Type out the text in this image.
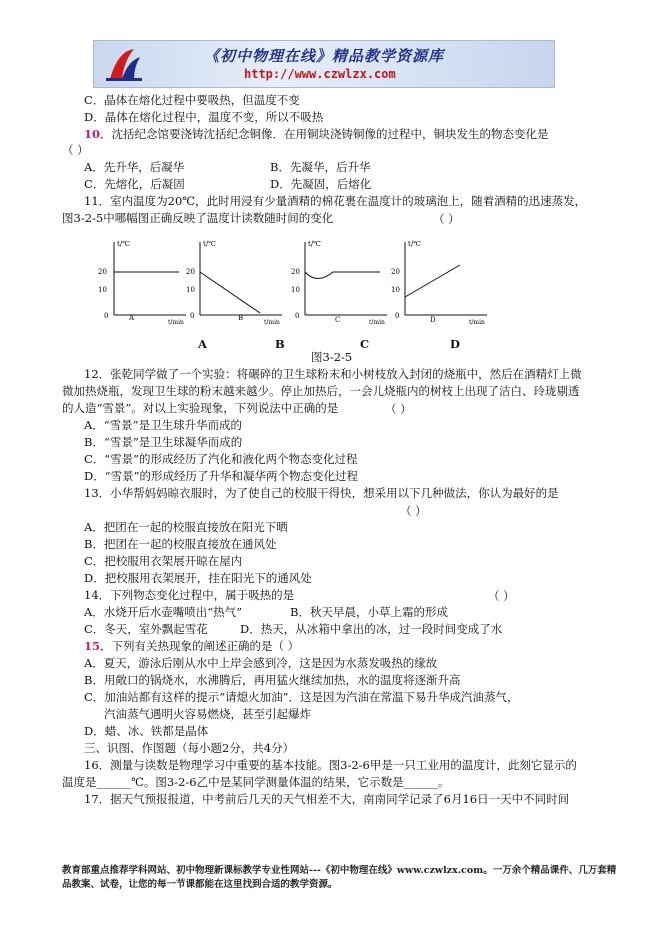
《初中物理在线》精品教学资源库
http://www.czwlzx.com
C．晶体在熔化过程中要吸热，但温度不变
D．晶体在熔化过程中，温度不变，所以不吸热
10．沈括纪念馆要浇铸沈括纪念铜像．在用铜块浇铸铜像的过程中，铜块发生的物态变化是
（ ）
A．先升华，后凝华	B．先凝华，后升华
C．先熔化，后凝固	D．先凝固，后熔化
11．室内温度为20℃，此时用浸有少量酒精的棉花裹在温度计的玻璃泡上，随着酒精的迅速蒸发，
图3-2-5中哪幅图正确反映了温度计读数随时间的变化	（ ）
t/℃
20
10
0
t/min
A
t/℃
20
10
0
t/min
B
t/℃
20
10
0
t/min
C
t/℃
20
10
0
t/min
D
A	B	C	D
图3-2-5
12．张乾同学做了一个实验：将碾碎的卫生球粉末和小树枝放入封闭的烧瓶中，然后在酒精灯上微
微加热烧瓶，发现卫生球的粉末越来越少。停止加热后，一会儿烧瓶内的树枝上出现了洁白、玲珑剔透
的人造“雪景”。对以上实验现象，下列说法中正确的是	（ ）
A．“雪景”是卫生球升华而成的
B．“雪景”是卫生球凝华而成的
C．“雪景”的形成经历了汽化和液化两个物态变化过程
D．“雪景”的形成经历了升华和凝华两个物态变化过程
13．小华帮妈妈晾衣服时，为了使自己的校服干得快，想采用以下几种做法，你认为最好的是
（ ）
A．把团在一起的校服直接放在阳光下晒
B．把团在一起的校服直接放在通风处
C．把校服用衣架展开晾在屋内
D．把校服用衣架展开，挂在阳光下的通风处
14．下列物态变化过程中，属于吸热的是	（ ）
A．水烧开后水壶嘴喷出“热气”	B．秋天早晨，小草上霜的形成
C．冬天，室外飘起雪花	D．热天，从冰箱中拿出的冰，过一段时间变成了水
15．下列有关热现象的阐述正确的是（ ）
A．夏天，游泳后刚从水中上岸会感到冷，这是因为水蒸发吸热的缘故
B．用敞口的锅烧水，水沸腾后，再用猛火继续加热，水的温度将逐渐升高
C．加油站都有这样的提示“请熄火加油”．这是因为汽油在常温下易升华成汽油蒸气，
汽油蒸气遇明火容易燃烧，甚至引起爆炸
D．蜡、冰、铁都是晶体
三、识图、作图题（每小题2分，共4分）
16．测量与读数是物理学习中重要的基本技能。图3-2-6甲是一只工业用的温度计，此刻它显示的
温度是______℃。图3-2-6乙中是某同学测量体温的结果，它示数是______。
17．据天气预报报道，中考前后几天的天气相差不大，南南同学记录了6月16日一天中不同时间
教育部重点推荐学科网站、初中物理新课标教学专业性网站---《初中物理在线》www.czwlzx.com。一万余个精品课件、几万套精品教案、试卷，让您的每一节课都能在这里找到合适的教学资源。
